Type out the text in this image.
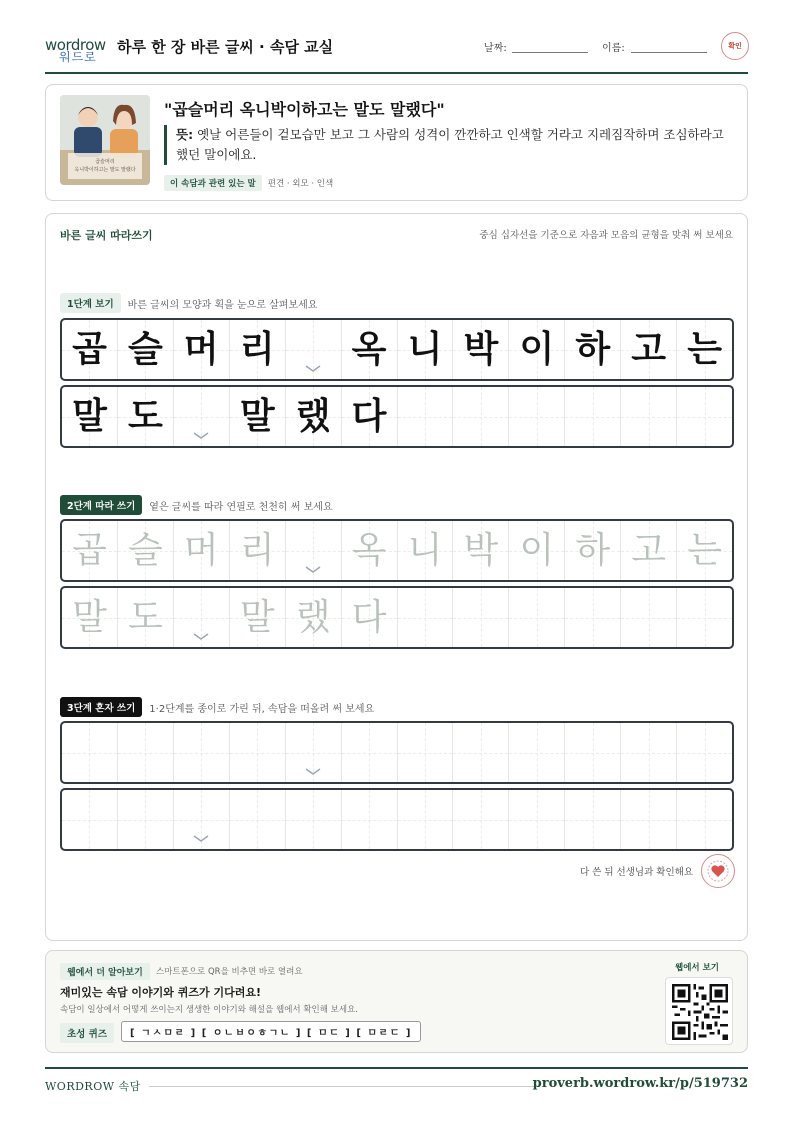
wordrow
워드로
하루 한 장 바른 글씨 · 속담 교실	날짜:	이름:	확인
곱슬머리
옥니박이하고는 말도 말랬다
"곱슬머리 옥니박이하고는 말도 말랬다"
뜻: 옛날 어른들이 겉모습만 보고 그 사람의 성격이 깐깐하고 인색할 거라고 지레짐작하며 조심하라고 했던 말이에요.
이 속담과 관련 있는 말	편견 · 외모 · 인색
바른 글씨 따라쓰기	중심 십자선을 기준으로 자음과 모음의 균형을 맞춰 써 보세요
1단계 보기	바른 글씨의 모양과 획을 눈으로 살펴보세요
곱 슬 머 리 옥 니 박 이 하 고 는
말 도 말 랬 다
2단계 따라 쓰기	옅은 글씨를 따라 연필로 천천히 써 보세요
곱 슬 머 리 옥 니 박 이 하 고 는
말 도 말 랬 다
3단계 혼자 쓰기	1·2단계를 종이로 가린 뒤, 속담을 떠올려 써 보세요
다 쓴 뒤 선생님과 확인해요
웹에서 더 알아보기	스마트폰으로 QR을 비추면 바로 열려요
재미있는 속담 이야기와 퀴즈가 기다려요!
속담이 일상에서 어떻게 쓰이는지 생생한 이야기와 해설을 웹에서 확인해 보세요.
초성 퀴즈	[ ㄱㅅㅁㄹ ] [ ㅇㄴㅂㅇㅎㄱㄴ ] [ ㅁㄷ ] [ ㅁㄹㄷ ]
웹에서 보기
WORDROW 속담	proverb.wordrow.kr/p/519732
